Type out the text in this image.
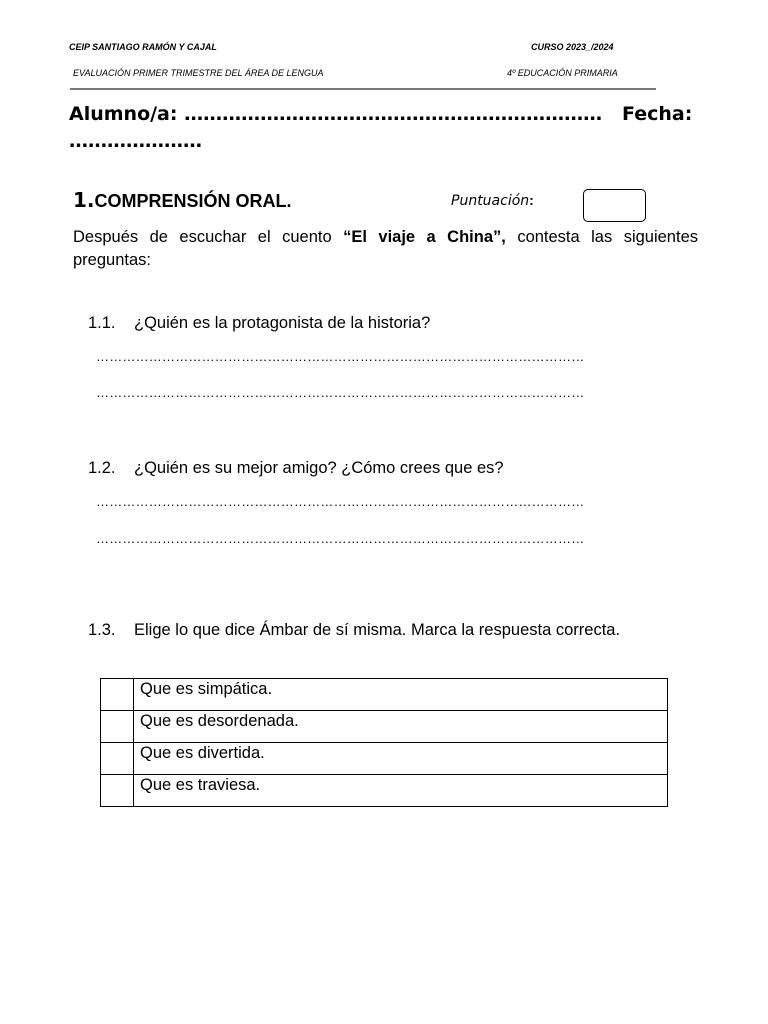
CEIP SANTIAGO RAMÓN Y CAJAL	CURSO 2023_/2024
EVALUACIÓN PRIMER TRIMESTRE DEL ÁREA DE LENGUA	4º EDUCACIÓN PRIMARIA
Alumno/a: ………………………………………………………… Fecha:
…………………
1.COMPRENSIÓN ORAL.	Puntuación:
Después de escuchar el cuento “El viaje a China”, contesta las siguientes preguntas:
1.1. ¿Quién es la protagonista de la historia?
…………………………………………………………………………………………………
…………………………………………………………………………………………………
1.2. ¿Quién es su mejor amigo? ¿Cómo crees que es?
…………………………………………………………………………………………………
…………………………………………………………………………………………………
1.3. Elige lo que dice Ámbar de sí misma. Marca la respuesta correcta.
	Que es simpática.
	Que es desordenada.
	Que es divertida.
	Que es traviesa.
